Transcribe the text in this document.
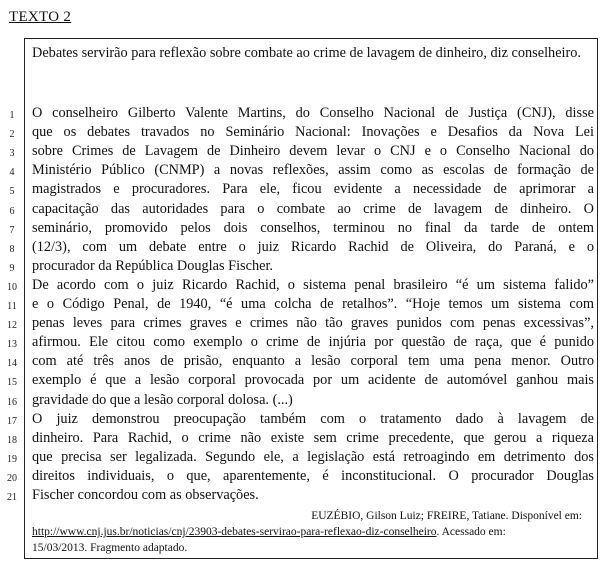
TEXTO 2
Debates servirão para reflexão sobre combate ao crime de lavagem de dinheiro, diz conselheiro.
1	O conselheiro Gilberto Valente Martins, do Conselho Nacional de Justiça (CNJ), disse
2	que os debates travados no Seminário Nacional: Inovações e Desafios da Nova Lei
3	sobre Crimes de Lavagem de Dinheiro devem levar o CNJ e o Conselho Nacional do
4	Ministério Público (CNMP) a novas reflexões, assim como as escolas de formação de
5	magistrados e procuradores. Para ele, ficou evidente a necessidade de aprimorar a
6	capacitação das autoridades para o combate ao crime de lavagem de dinheiro. O
7	seminário, promovido pelos dois conselhos, terminou no final da tarde de ontem
8	(12/3), com um debate entre o juiz Ricardo Rachid de Oliveira, do Paraná, e o
9	procurador da República Douglas Fischer.
10 De acordo com o juiz Ricardo Rachid, o sistema penal brasileiro “é um sistema falido”
11 e o Código Penal, de 1940, “é uma colcha de retalhos”. “Hoje temos um sistema com
12 penas leves para crimes graves e crimes não tão graves punidos com penas excessivas”,
13 afirmou. Ele citou como exemplo o crime de injúria por questão de raça, que é punido
14 com até três anos de prisão, enquanto a lesão corporal tem uma pena menor. Outro
15 exemplo é que a lesão corporal provocada por um acidente de automóvel ganhou mais
16 gravidade do que a lesão corporal dolosa. (...)
17 O juiz demonstrou preocupação também com o tratamento dado à lavagem de
18 dinheiro. Para Rachid, o crime não existe sem crime precedente, que gerou a riqueza
19 que precisa ser legalizada. Segundo ele, a legislação está retroagindo em detrimento dos
20 direitos individuais, o que, aparentemente, é inconstitucional. O procurador Douglas
21 Fischer concordou com as observações.
EUZÉBIO, Gilson Luiz; FREIRE, Tatiane. Disponível em:
http://www.cnj.jus.br/noticias/cnj/23903-debates-servirao-para-reflexao-diz-conselheiro. Acessado em:
15/03/2013. Fragmento adaptado.
